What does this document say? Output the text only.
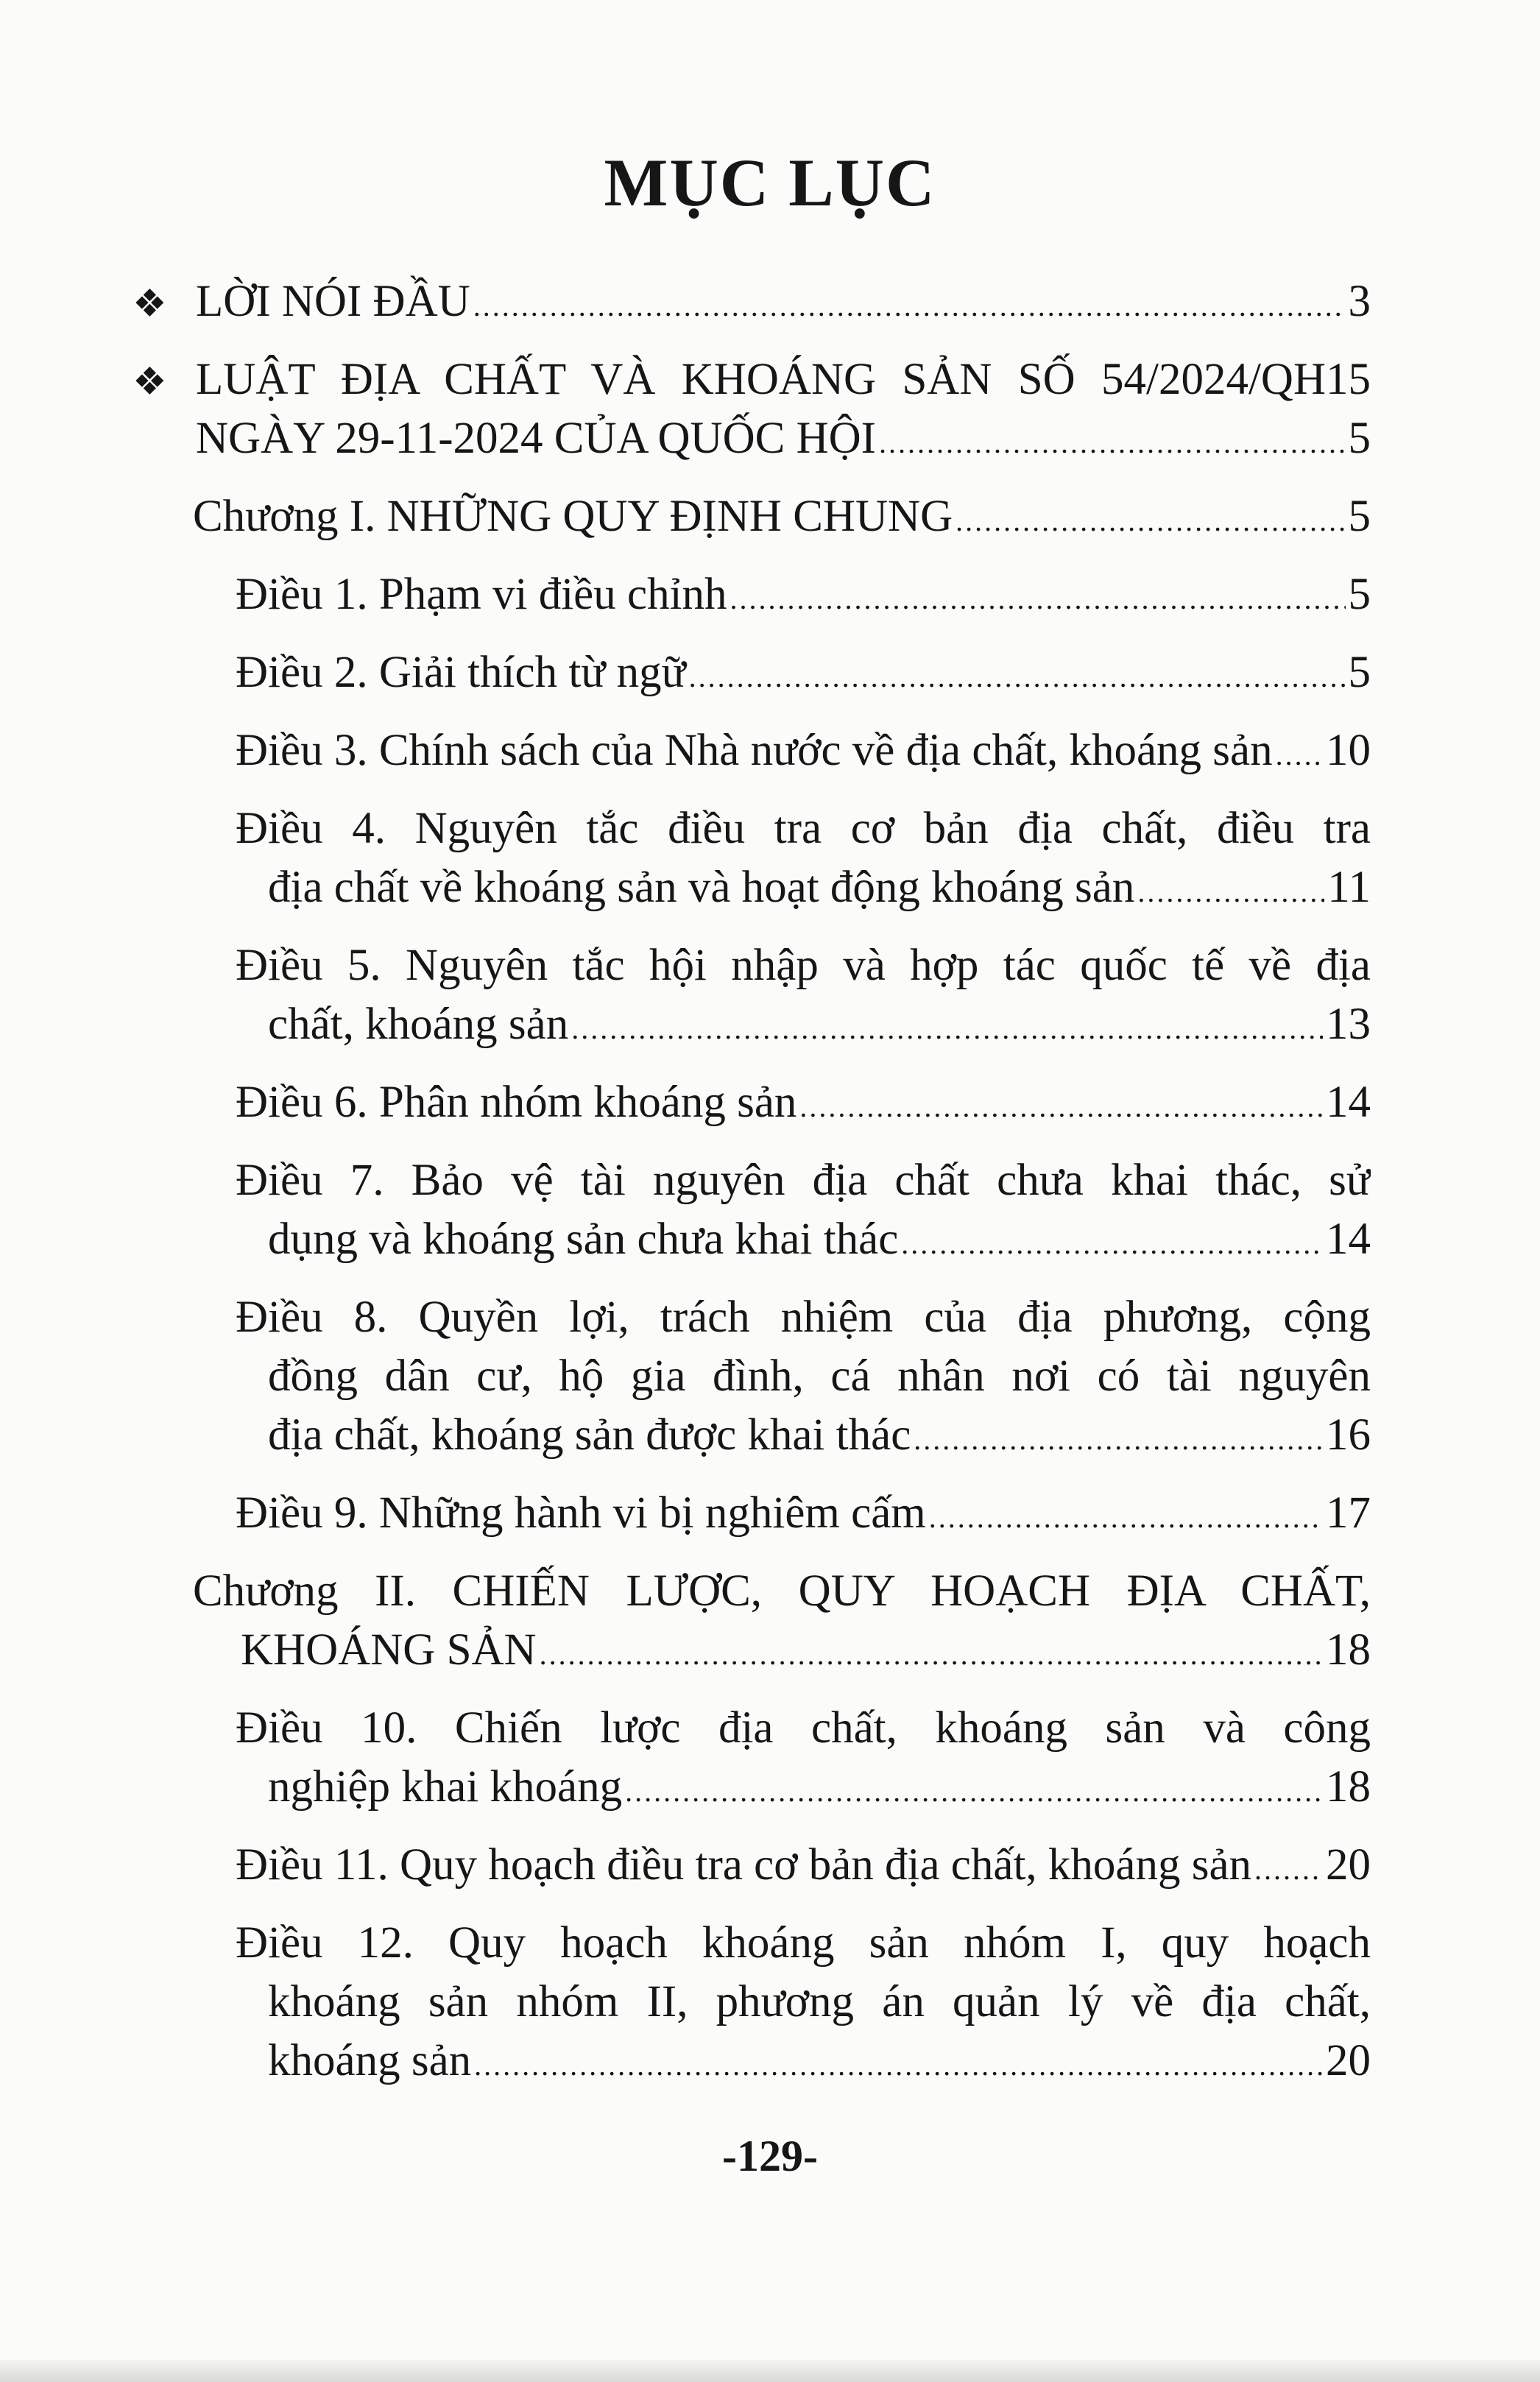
MỤC LỤC
❖ LỜI NÓI ĐẦU .....	3
❖ LUẬT ĐỊA CHẤT VÀ KHOÁNG SẢN SỐ 54/2024/QH15
NGÀY 29-11-2024 CỦA QUỐC HỘI .....	5
Chương I. NHỮNG QUY ĐỊNH CHUNG .....	5
Điều 1. Phạm vi điều chỉnh .....	5
Điều 2. Giải thích từ ngữ .....	5
Điều 3. Chính sách của Nhà nước về địa chất, khoáng sản ..... 10
Điều 4. Nguyên tắc điều tra cơ bản địa chất, điều tra
địa chất về khoáng sản và hoạt động khoáng sản .....	11
Điều 5. Nguyên tắc hội nhập và hợp tác quốc tế về địa
chất, khoáng sản .....	13
Điều 6. Phân nhóm khoáng sản .....	14
Điều 7. Bảo vệ tài nguyên địa chất chưa khai thác, sử
dụng và khoáng sản chưa khai thác .....	14
Điều 8. Quyền lợi, trách nhiệm của địa phương, cộng
đồng dân cư, hộ gia đình, cá nhân nơi có tài nguyên
địa chất, khoáng sản được khai thác .....	16
Điều 9. Những hành vi bị nghiêm cấm .....	17
Chương II. CHIẾN LƯỢC, QUY HOẠCH ĐỊA CHẤT,
KHOÁNG SẢN .....	18
Điều 10. Chiến lược địa chất, khoáng sản và công
nghiệp khai khoáng .....	18
Điều 11. Quy hoạch điều tra cơ bản địa chất, khoáng sản ..... 20
Điều 12. Quy hoạch khoáng sản nhóm I, quy hoạch
khoáng sản nhóm II, phương án quản lý về địa chất,
khoáng sản .....	20
-129-
